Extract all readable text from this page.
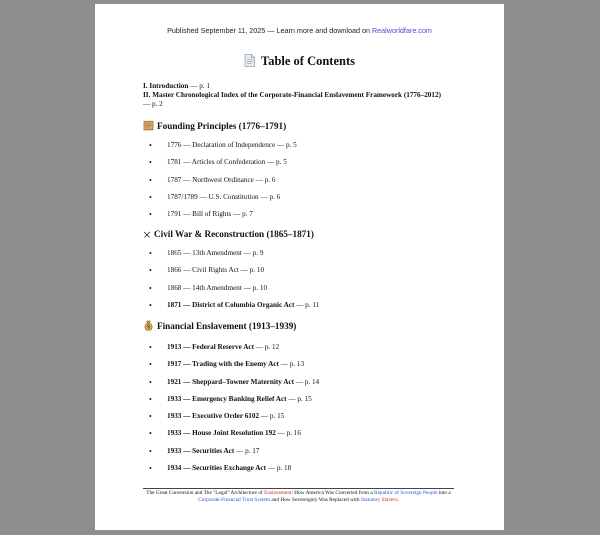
Published September 11, 2025 — Learn more and download on Realworldfare.com
Table of Contents
I. Introduction — p. 1
II. Master Chronological Index of the Corporate-Financial Enslavement Framework (1776–2012) — p. 2
Founding Principles (1776–1791)
• 1776 — Declaration of Independence — p. 5
• 1781 — Articles of Confederation — p. 5
• 1787 — Northwest Ordinance — p. 6
• 1787/1789 — U.S. Constitution — p. 6
• 1791 — Bill of Rights — p. 7
Civil War & Reconstruction (1865–1871)
• 1865 — 13th Amendment — p. 9
• 1866 — Civil Rights Act — p. 10
• 1868 — 14th Amendment — p. 10
• 1871 — District of Columbia Organic Act — p. 11
$ Financial Enslavement (1913–1939)
• 1913 — Federal Reserve Act — p. 12
• 1917 — Trading with the Enemy Act — p. 13
• 1921 — Sheppard–Towner Maternity Act — p. 14
• 1933 — Emergency Banking Relief Act — p. 15
• 1933 — Executive Order 6102 — p. 15
• 1933 — House Joint Resolution 192 — p. 16
• 1933 — Securities Act — p. 17
• 1934 — Securities Exchange Act — p. 18
The Great Conversion and The "Legal" Architecture of Enslavement: How America Was Converted from a Republic of Sovereign People into a Corporate-Financial Trust System and How Sovereignty Was Replaced with Statutory Slavery.
